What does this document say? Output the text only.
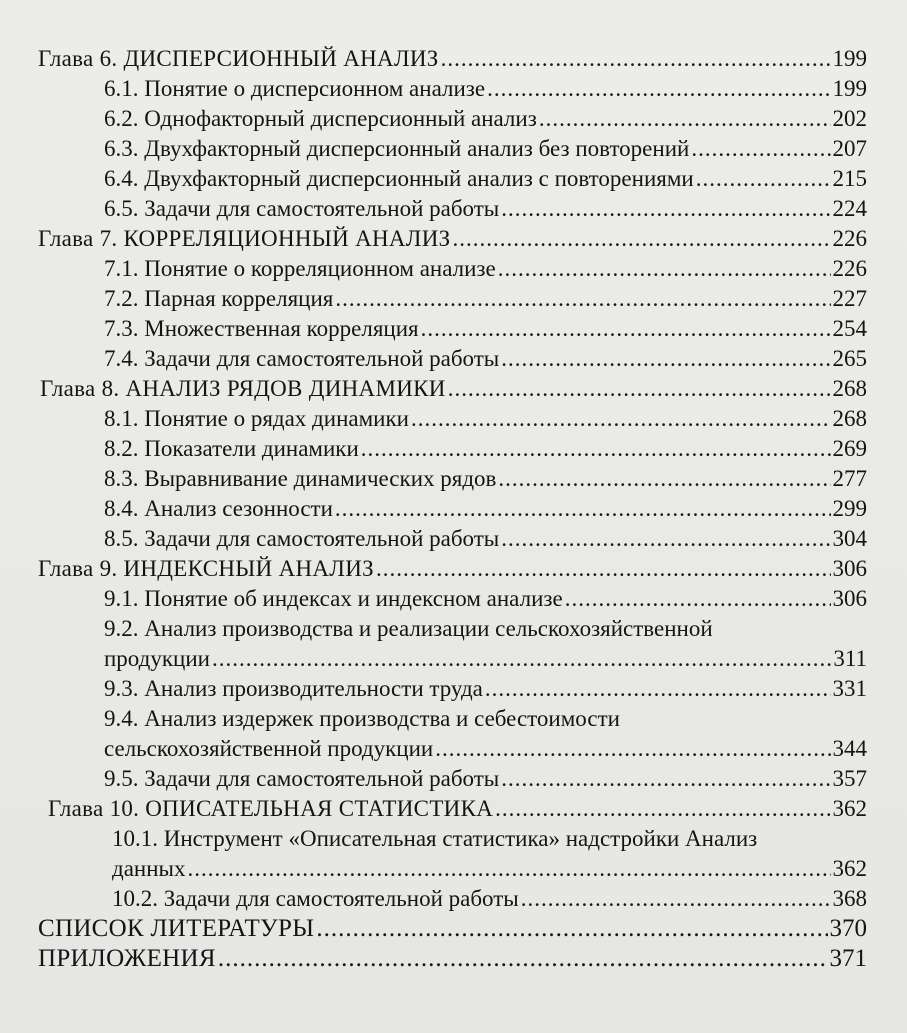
Глава 6. ДИСПЕРСИОННЫЙ АНАЛИЗ .....	199
6.1. Понятие о дисперсионном анализе .....	199
6.2. Однофакторный дисперсионный анализ .....	202
6.3. Двухфакторный дисперсионный анализ без повторений .....	207
6.4. Двухфакторный дисперсионный анализ с повторениями .....	215
6.5. Задачи для самостоятельной работы .....	224
Глава 7. КОРРЕЛЯЦИОННЫЙ АНАЛИЗ .....	226
7.1. Понятие о корреляционном анализе .....	226
7.2. Парная корреляция .....	227
7.3. Множественная корреляция .....	254
7.4. Задачи для самостоятельной работы .....	265
Глава 8. АНАЛИЗ РЯДОВ ДИНАМИКИ .....	268
8.1. Понятие о рядах динамики .....	268
8.2. Показатели динамики .....	269
8.3. Выравнивание динамических рядов .....	277
8.4. Анализ сезонности .....	299
8.5. Задачи для самостоятельной работы .....	304
Глава 9. ИНДЕКСНЫЙ АНАЛИЗ .....	306
9.1. Понятие об индексах и индексном анализе .....	306
9.2. Анализ производства и реализации сельскохозяйственной
продукции .....	311
9.3. Анализ производительности труда .....	331
9.4. Анализ издержек производства и себестоимости
сельскохозяйственной продукции .....	344
9.5. Задачи для самостоятельной работы .....	357
Глава 10. ОПИСАТЕЛЬНАЯ СТАТИСТИКА .....	362
10.1. Инструмент «Описательная статистика» надстройки Анализ
данных .....	362
10.2. Задачи для самостоятельной работы .....	368
СПИСОК ЛИТЕРАТУРЫ .....	370
ПРИЛОЖЕНИЯ .....	371
